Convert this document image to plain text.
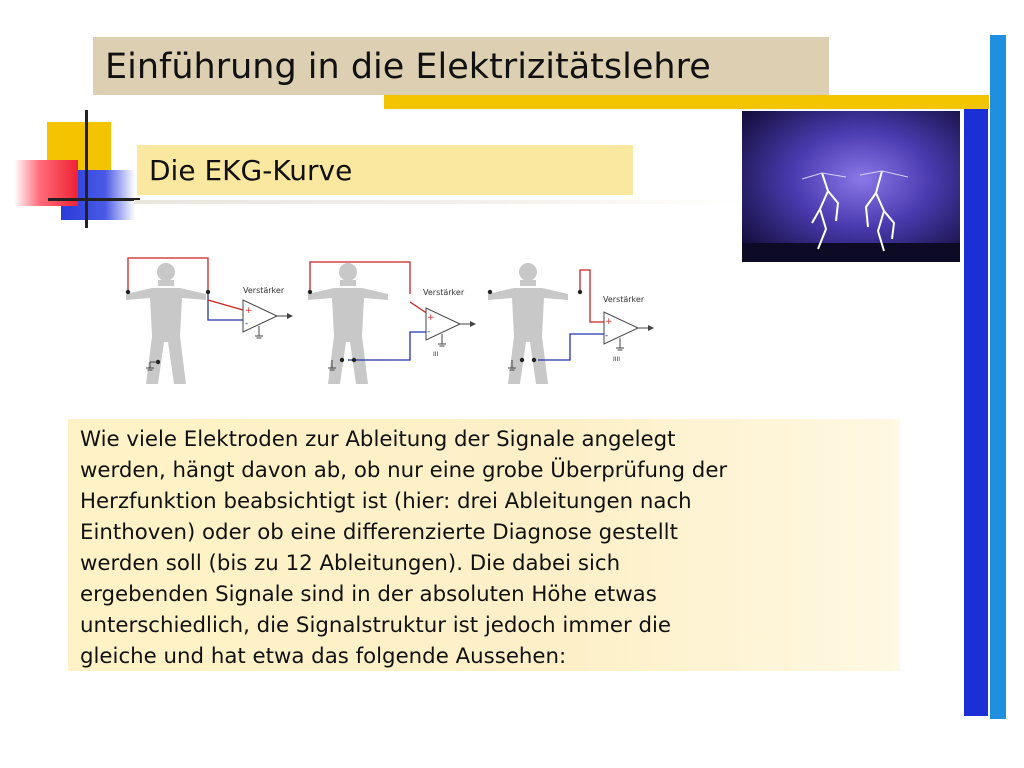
Einführung in die Elektrizitätslehre
Die EKG-Kurve
Verstärker
+
-
Verstärker
+
-
III
Verstärker
+
-
IIII
Wie viele Elektroden zur Ableitung der Signale angelegt
werden, hängt davon ab, ob nur eine grobe Überprüfung der
Herzfunktion beabsichtigt ist (hier: drei Ableitungen nach
Einthoven) oder ob eine differenzierte Diagnose gestellt
werden soll (bis zu 12 Ableitungen). Die dabei sich
ergebenden Signale sind in der absoluten Höhe etwas
unterschiedlich, die Signalstruktur ist jedoch immer die
gleiche und hat etwa das folgende Aussehen:
